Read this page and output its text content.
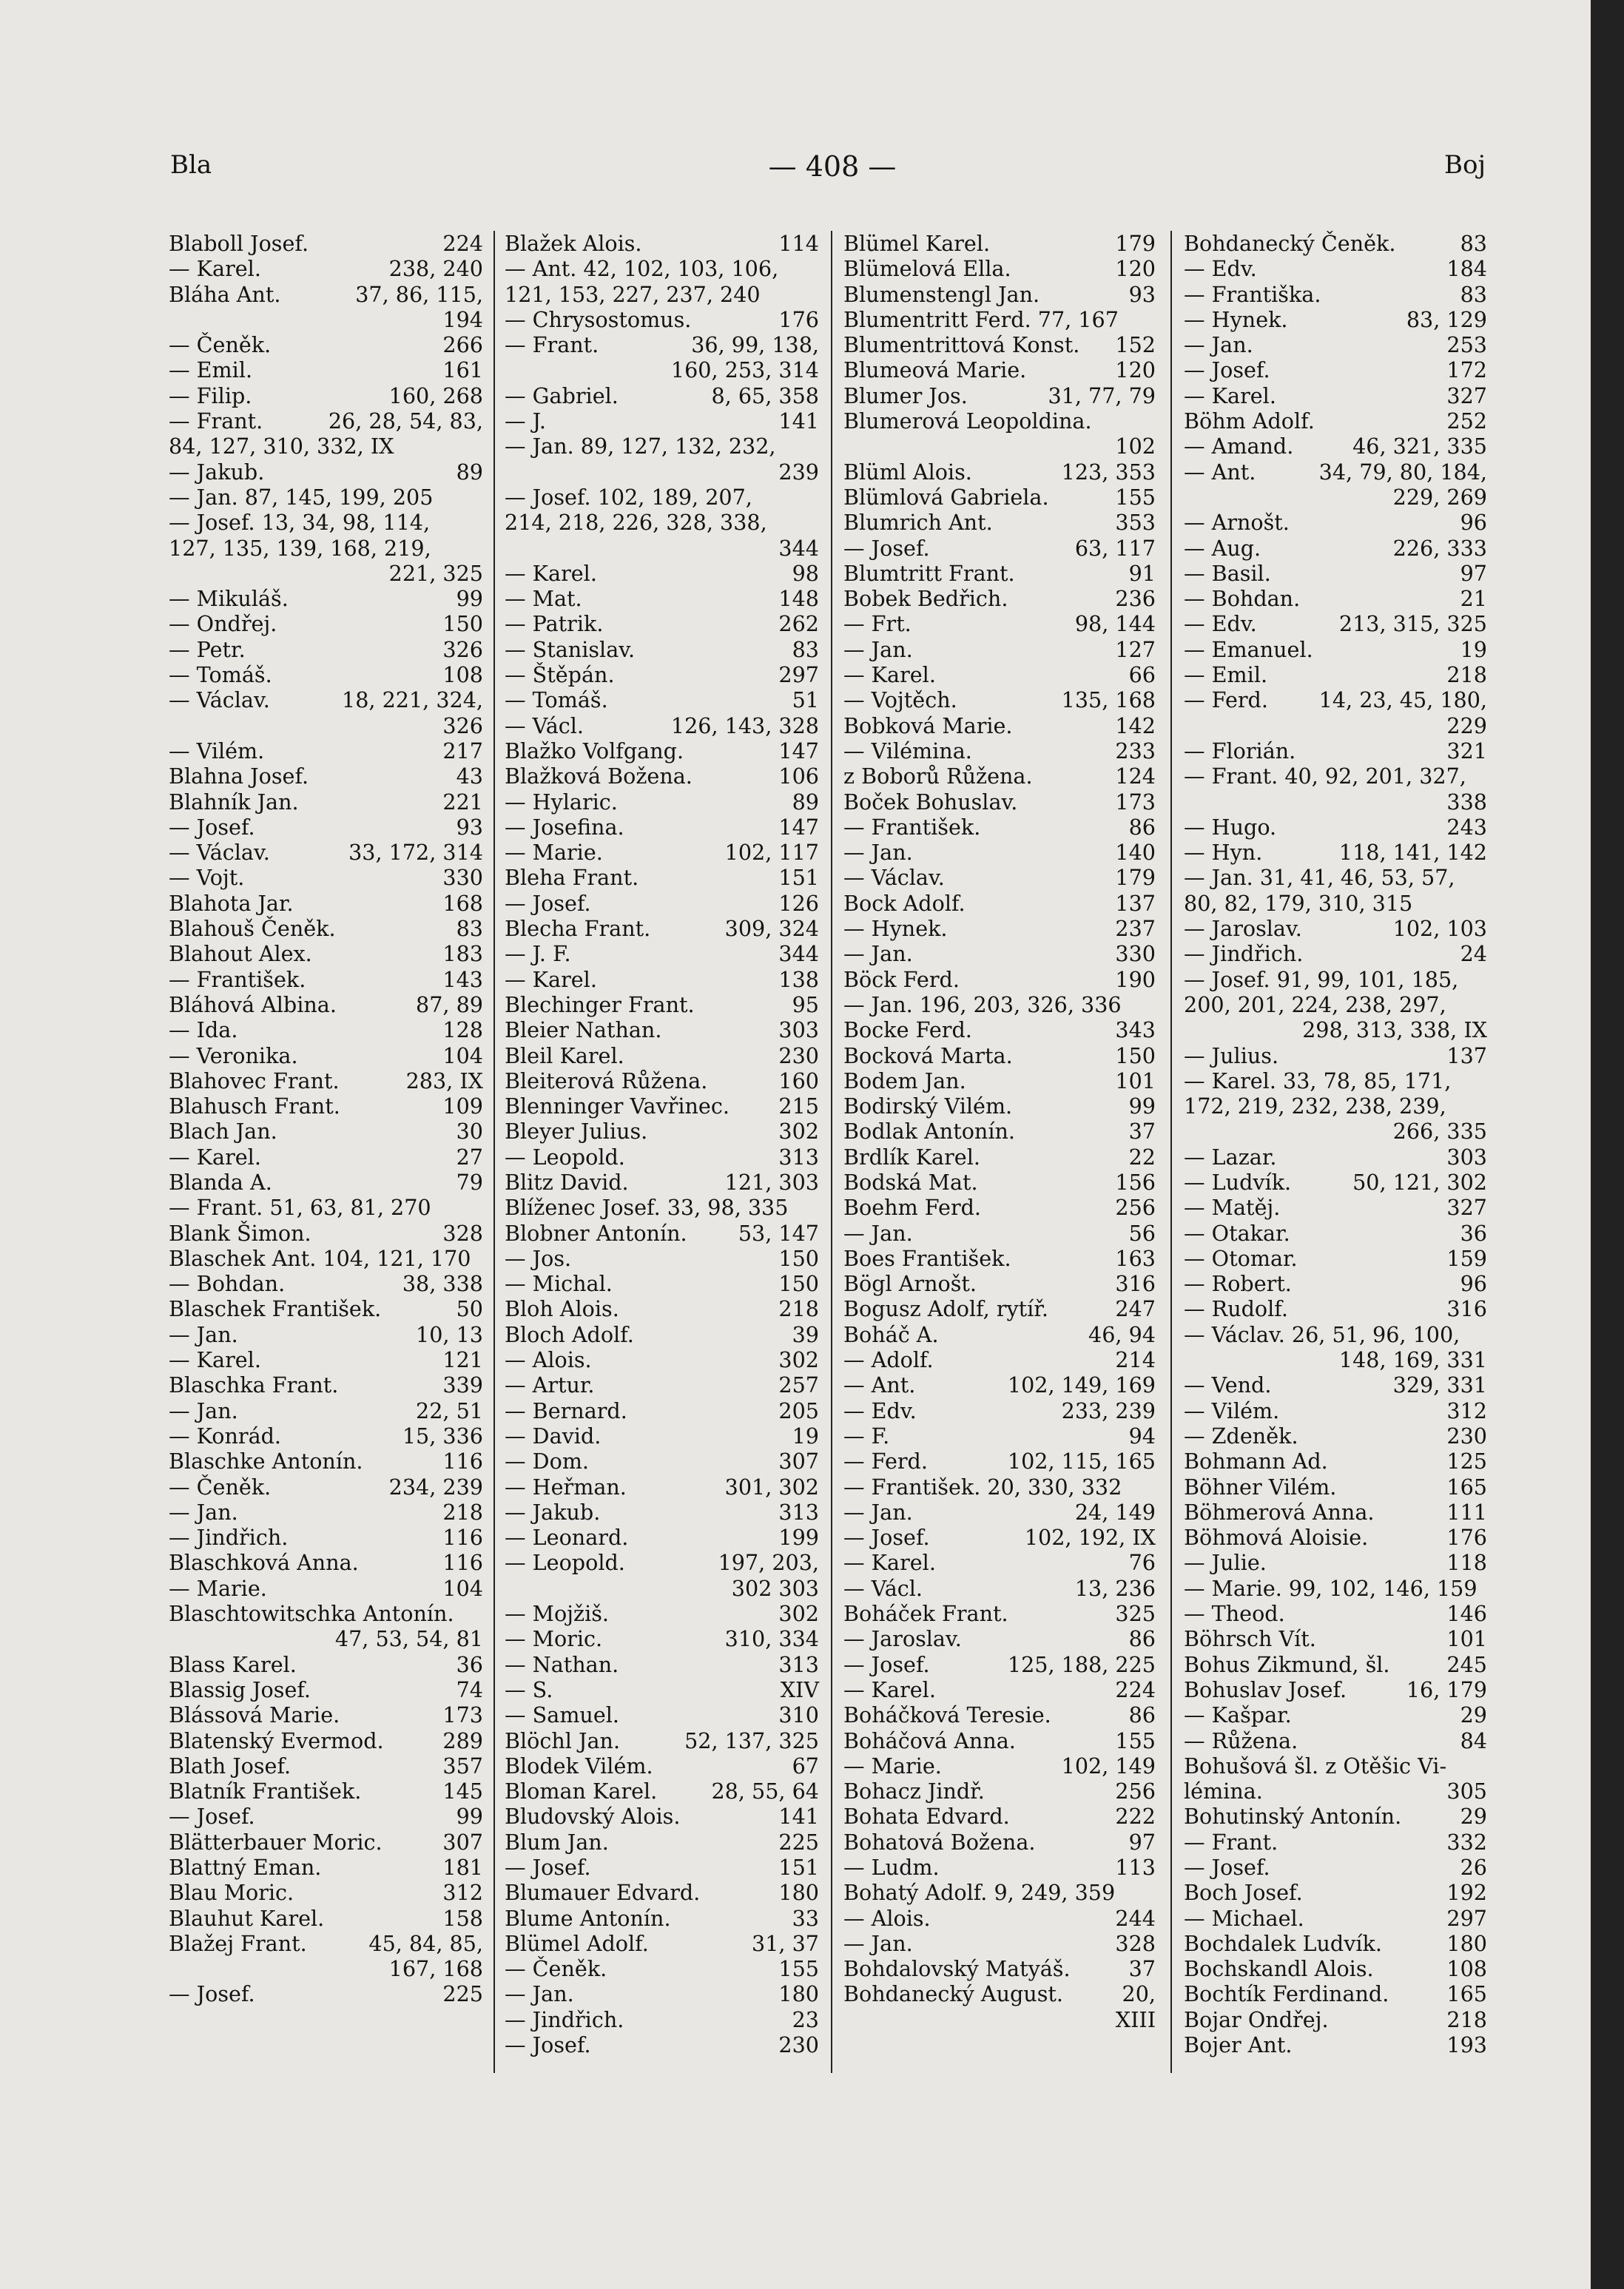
Bla	— 408 —	Boj
Blaboll Josef.	224
— Karel.	238, 240
Bláha Ant.	37, 86, 115,
194
— Čeněk.	266
— Emil.	161
— Filip.	160, 268
— Frant.	26, 28, 54, 83,
84, 127, 310, 332, IX
— Jakub.	89
— Jan. 87, 145, 199, 205
— Josef. 13, 34, 98, 114,
127, 135, 139, 168, 219,
221, 325
— Mikuláš.	99
— Ondřej.	150
— Petr.	326
— Tomáš.	108
— Václav.	18, 221, 324,
326
— Vilém.	217
Blahna Josef.	43
Blahník Jan.	221
— Josef.	93
— Václav.	33, 172, 314
— Vojt.	330
Blahota Jar.	168
Blahouš Čeněk.	83
Blahout Alex.	183
— František.	143
Bláhová Albina.	87, 89
— Ida.	128
— Veronika.	104
Blahovec Frant.	283, IX
Blahusch Frant.	109
Blach Jan.	30
— Karel.	27
Blanda A.	79
— Frant. 51, 63, 81, 270
Blank Šimon.	328
Blaschek Ant. 104, 121, 170
— Bohdan.	38, 338
Blaschek František.	50
— Jan.	10, 13
— Karel.	121
Blaschka Frant.	339
— Jan.	22, 51
— Konrád.	15, 336
Blaschke Antonín.	116
— Čeněk.	234, 239
— Jan.	218
— Jindřich.	116
Blaschková Anna.	116
— Marie.	104
Blaschtowitschka Antonín.
47, 53, 54, 81
Blass Karel.	36
Blassig Josef.	74
Blássová Marie.	173
Blatenský Evermod.	289
Blath Josef.	357
Blatník František.	145
— Josef.	99
Blätterbauer Moric.	307
Blattný Eman.	181
Blau Moric.	312
Blauhut Karel.	158
Blažej Frant.	45, 84, 85,
167, 168
— Josef.	225
Blažek Alois.	114
— Ant. 42, 102, 103, 106,
121, 153, 227, 237, 240
— Chrysostomus.	176
— Frant.	36, 99, 138,
160, 253, 314
— Gabriel.	8, 65, 358
— J.	141
— Jan. 89, 127, 132, 232,
239
— Josef. 102, 189, 207,
214, 218, 226, 328, 338,
344
— Karel.	98
— Mat.	148
— Patrik.	262
— Stanislav.	83
— Štěpán.	297
— Tomáš.	51
— Václ.	126, 143, 328
Blažko Volfgang.	147
Blažková Božena.	106
— Hylaric.	89
— Josefina.	147
— Marie.	102, 117
Bleha Frant.	151
— Josef.	126
Blecha Frant.	309, 324
— J. F.	344
— Karel.	138
Blechinger Frant.	95
Bleier Nathan.	303
Bleil Karel.	230
Bleiterová Růžena.	160
Blenninger Vavřinec. 215
Bleyer Julius.	302
— Leopold.	313
Blitz David.	121, 303
Blíženec Josef. 33, 98, 335
Blobner Antonín. 53, 147
— Jos.	150
— Michal.	150
Bloh Alois.	218
Bloch Adolf.	39
— Alois.	302
— Artur.	257
— Bernard.	205
— David.	19
— Dom.	307
— Heřman.	301, 302
— Jakub.	313
— Leonard.	199
— Leopold.	197, 203,
302 303
— Mojžiš.	302
— Moric.	310, 334
— Nathan.	313
— S.	XIV
— Samuel.	310
Blöchl Jan.	52, 137, 325
Blodek Vilém.	67
Bloman Karel.	28, 55, 64
Bludovský Alois.	141
Blum Jan.	225
— Josef.	151
Blumauer Edvard.	180
Blume Antonín.	33
Blümel Adolf.	31, 37
— Čeněk.	155
— Jan.	180
— Jindřich.	23
— Josef.	230
Blümel Karel.	179
Blümelová Ella.	120
Blumenstengl Jan.	93
Blumentritt Ferd. 77, 167
Blumentrittová Konst. 152
Blumeová Marie.	120
Blumer Jos.	31, 77, 79
Blumerová Leopoldina.
102
Blüml Alois.	123, 353
Blümlová Gabriela.	155
Blumrich Ant.	353
— Josef.	63, 117
Blumtritt Frant.	91
Bobek Bedřich.	236
— Frt.	98, 144
— Jan.	127
— Karel.	66
— Vojtěch.	135, 168
Bobková Marie.	142
— Vilémina.	233
z Boborů Růžena.	124
Boček Bohuslav.	173
— František.	86
— Jan.	140
— Václav.	179
Bock Adolf.	137
— Hynek.	237
— Jan.	330
Böck Ferd.	190
— Jan. 196, 203, 326, 336
Bocke Ferd.	343
Bocková Marta.	150
Bodem Jan.	101
Bodirský Vilém.	99
Bodlak Antonín.	37
Brdlík Karel.	22
Bodská Mat.	156
Boehm Ferd.	256
— Jan.	56
Boes František.	163
Bögl Arnošt.	316
Bogusz Adolf, rytíř.	247
Boháč A.	46, 94
— Adolf.	214
— Ant.	102, 149, 169
— Edv.	233, 239
— F.	94
— Ferd.	102, 115, 165
— František. 20, 330, 332
— Jan.	24, 149
— Josef.	102, 192, IX
— Karel.	76
— Václ.	13, 236
Boháček Frant.	325
— Jaroslav.	86
— Josef.	125, 188, 225
— Karel.	224
Boháčková Teresie.	86
Boháčová Anna.	155
— Marie.	102, 149
Bohacz Jindř.	256
Bohata Edvard.	222
Bohatová Božena.	97
— Ludm.	113
Bohatý Adolf. 9, 249, 359
— Alois.	244
— Jan.	328
Bohdalovský Matyáš.	37
Bohdanecký August.	20,
XIII
Bohdanecký Čeněk.	83
— Edv.	184
— Františka.	83
— Hynek.	83, 129
— Jan.	253
— Josef.	172
— Karel.	327
Böhm Adolf.	252
— Amand.	46, 321, 335
— Ant.	34, 79, 80, 184,
229, 269
— Arnošt.	96
— Aug.	226, 333
— Basil.	97
— Bohdan.	21
— Edv.	213, 315, 325
— Emanuel.	19
— Emil.	218
— Ferd. 14, 23, 45, 180,
229
— Florián.	321
— Frant. 40, 92, 201, 327,
338
— Hugo.	243
— Hyn.	118, 141, 142
— Jan. 31, 41, 46, 53, 57,
80, 82, 179, 310, 315
— Jaroslav.	102, 103
— Jindřich.	24
— Josef. 91, 99, 101, 185,
200, 201, 224, 238, 297,
298, 313, 338, IX
— Julius.	137
— Karel. 33, 78, 85, 171,
172, 219, 232, 238, 239,
266, 335
— Lazar.	303
— Ludvík.	50, 121, 302
— Matěj.	327
— Otakar.	36
— Otomar.	159
— Robert.	96
— Rudolf.	316
— Václav. 26, 51, 96, 100,
148, 169, 331
— Vend.	329, 331
— Vilém.	312
— Zdeněk.	230
Bohmann Ad.	125
Böhner Vilém.	165
Böhmerová Anna.	111
Böhmová Aloisie.	176
— Julie.	118
— Marie. 99, 102, 146, 159
— Theod.	146
Böhrsch Vít.	101
Bohus Zikmund, šl.	245
Bohuslav Josef.	16, 179
— Kašpar.	29
— Růžena.	84
Bohušová šl. z Otěšic Vi-
lémina.	305
Bohutinský Antonín.	29
— Frant.	332
— Josef.	26
Boch Josef.	192
— Michael.	297
Bochdalek Ludvík.	180
Bochskandl Alois.	108
Bochtík Ferdinand.	165
Bojar Ondřej.	218
Bojer Ant.	193
